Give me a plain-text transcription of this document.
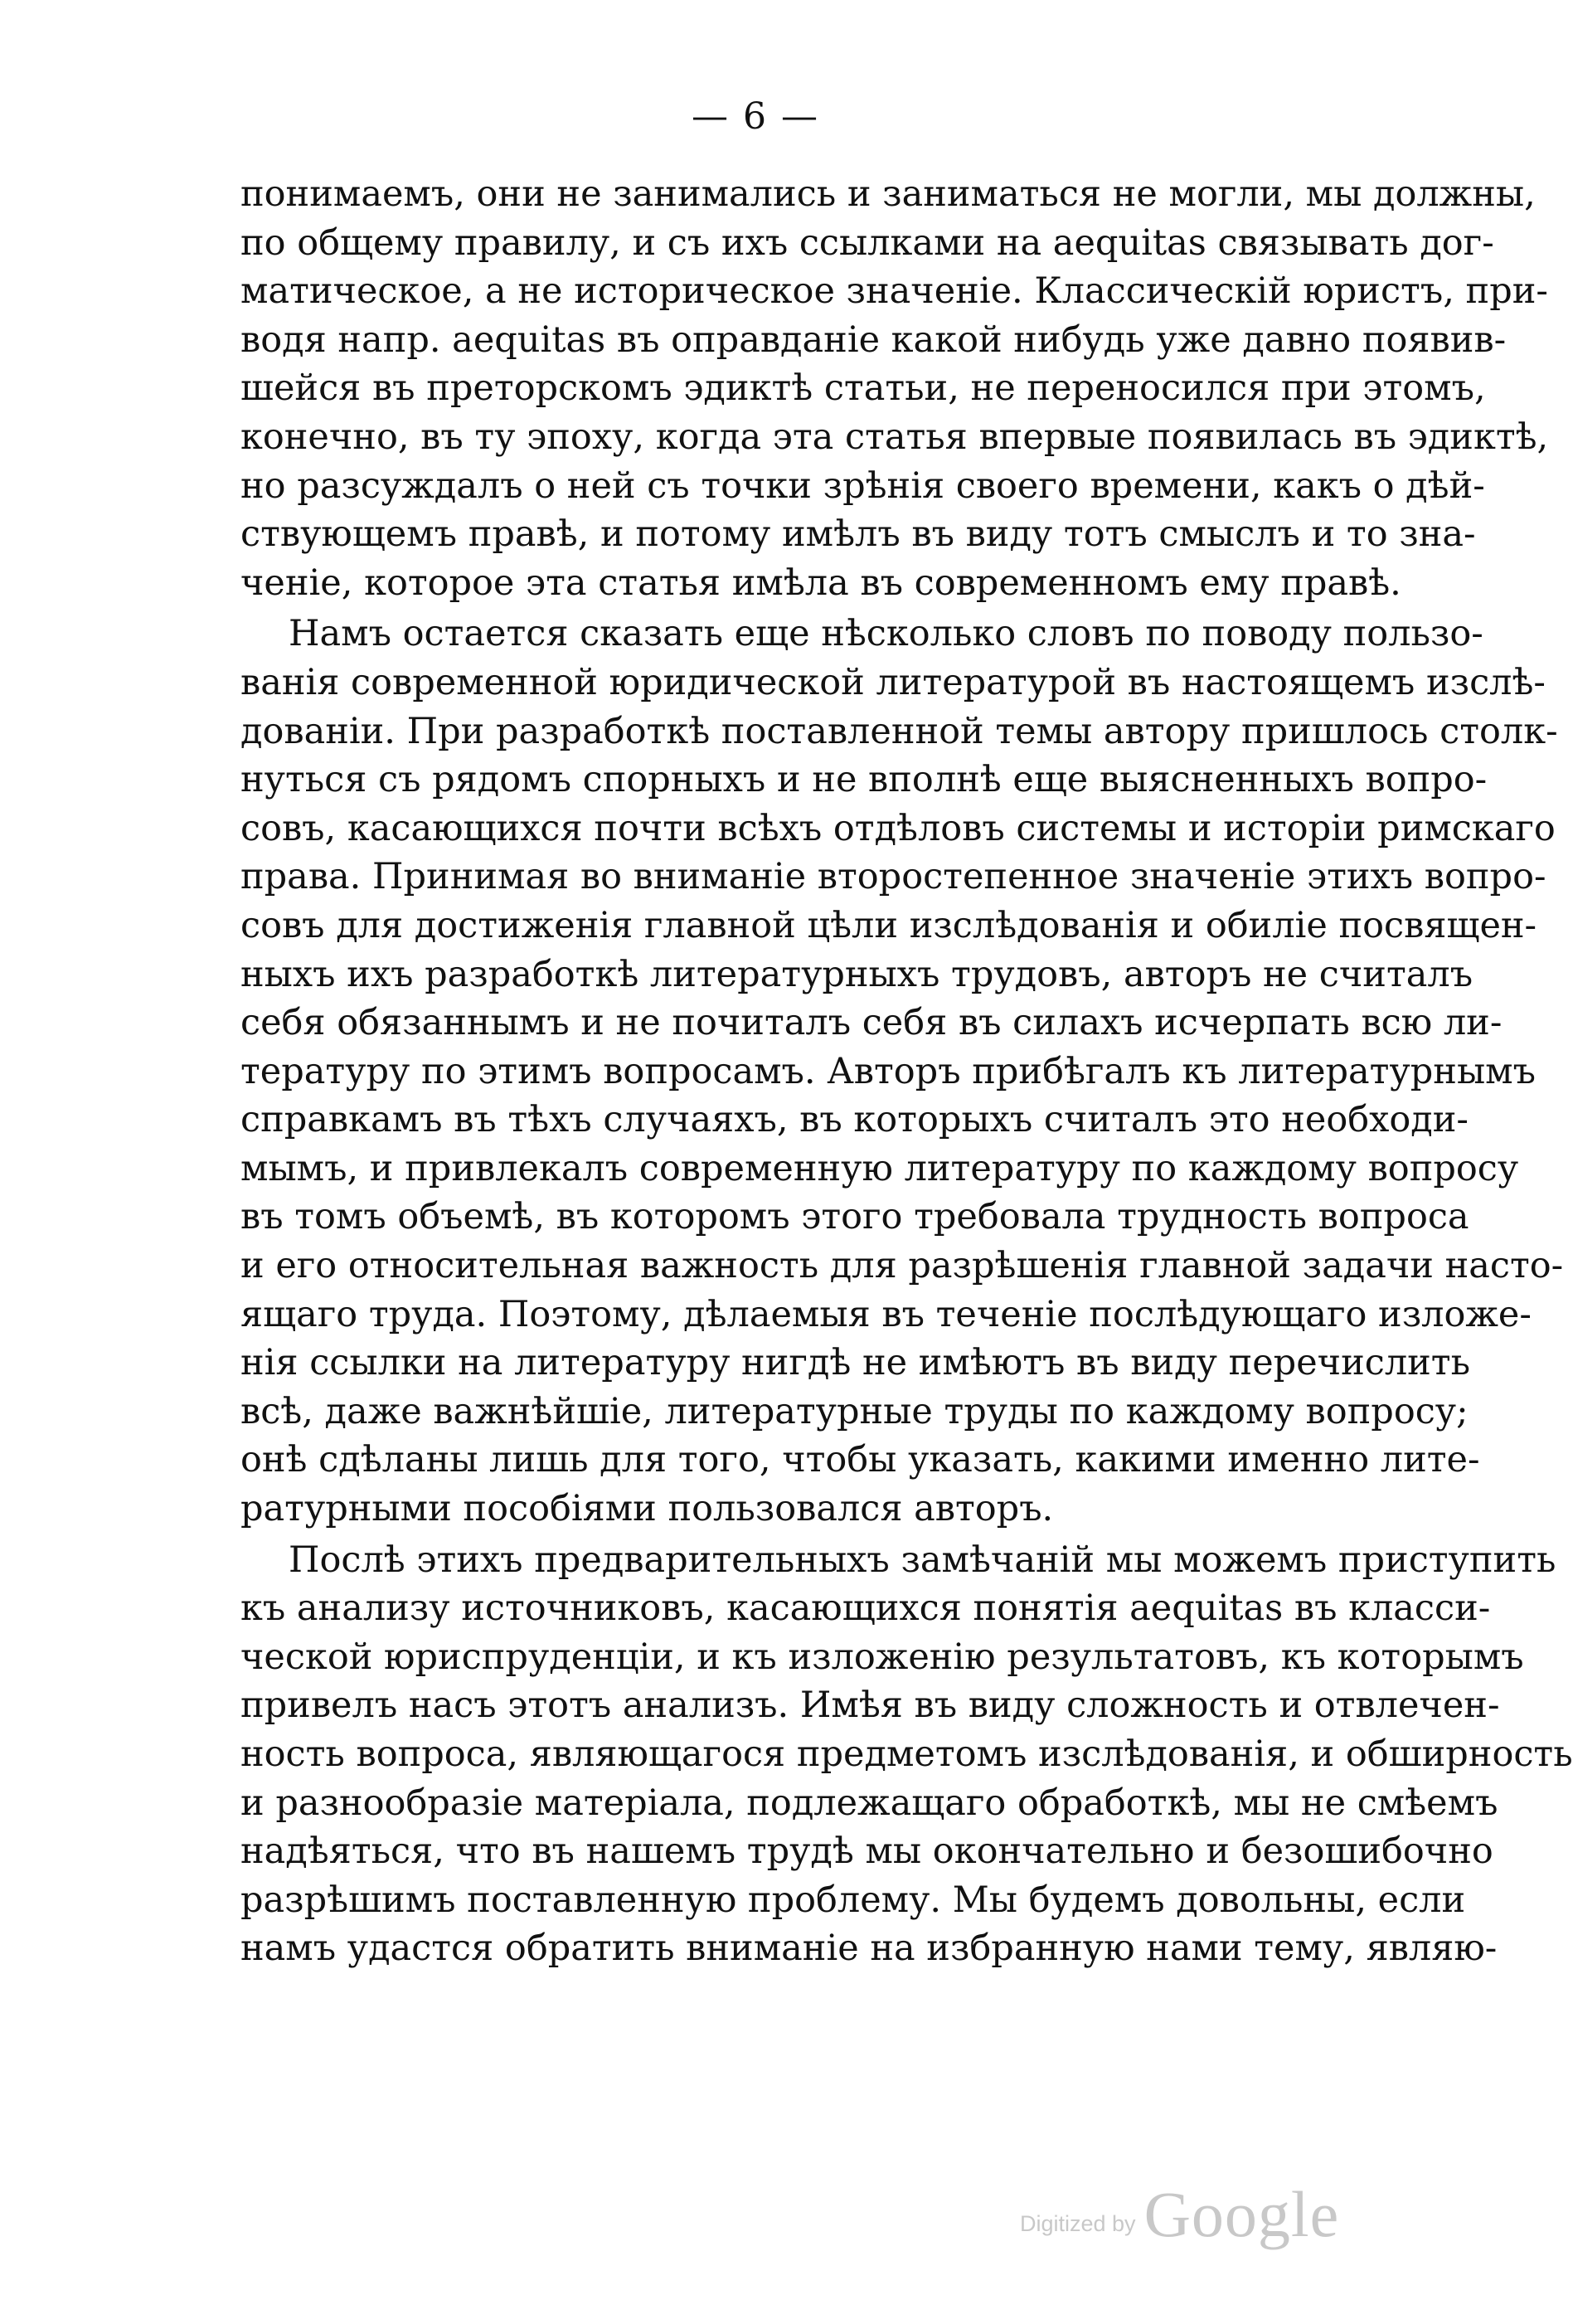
— 6 —
понимаемъ, они не занимались и заниматься не могли, мы должны,
по общему правилу, и съ ихъ ссылками на aequitas связывать дог-
матическое, а не историческое значенiе. Классическiй юристъ, при-
водя напр. aequitas въ оправданiе какой нибудь уже давно появив-
шейся въ преторскомъ эдиктѣ статьи, не переносился при этомъ,
конечно, въ ту эпоху, когда эта статья впервые появилась въ эдиктѣ,
но разсуждалъ о ней съ точки зрѣнiя своего времени, какъ о дѣй-
ствующемъ правѣ, и потому имѣлъ въ виду тотъ смыслъ и то зна-
ченiе, которое эта статья имѣла въ современномъ ему правѣ.
Намъ остается сказать еще нѣсколько словъ по поводу пользо-
ванiя современной юридической литературой въ настоящемъ изслѣ-
дованiи. При разработкѣ поставленной темы автору пришлось столк-
нуться съ рядомъ спорныхъ и не вполнѣ еще выясненныхъ вопро-
совъ, касающихся почти всѣхъ отдѣловъ системы и исторiи римскаго
права. Принимая во вниманiе второстепенное значенiе этихъ вопро-
совъ для достиженiя главной цѣли изслѣдованiя и обилiе посвящен-
ныхъ ихъ разработкѣ литературныхъ трудовъ, авторъ не считалъ
себя обязаннымъ и не почиталъ себя въ силахъ исчерпать всю ли-
тературу по этимъ вопросамъ. Авторъ прибѣгалъ къ литературнымъ
справкамъ въ тѣхъ случаяхъ, въ которыхъ считалъ это необходи-
мымъ, и привлекалъ современную литературу по каждому вопросу
въ томъ объемѣ, въ которомъ этого требовала трудность вопроса
и его относительная важность для разрѣшенiя главной задачи насто-
ящаго труда. Поэтому, дѣлаемыя въ теченiе послѣдующаго изложе-
нiя ссылки на литературу нигдѣ не имѣютъ въ виду перечислить
всѣ, даже важнѣйшiе, литературные труды по каждому вопросу;
онѣ сдѣланы лишь для того, чтобы указать, какими именно лите-
ратурными пособiями пользовался авторъ.
Послѣ этихъ предварительныхъ замѣчанiй мы можемъ приступить
къ анализу источниковъ, касающихся понятiя aequitas въ класси-
ческой юриспруденцiи, и къ изложенiю результатовъ, къ которымъ
привелъ насъ этотъ анализъ. Имѣя въ виду сложность и отвлечен-
ность вопроса, являющагося предметомъ изслѣдованiя, и обширность
и разнообразiе матерiала, подлежащаго обработкѣ, мы не смѣемъ
надѣяться, что въ нашемъ трудѣ мы окончательно и безошибочно
разрѣшимъ поставленную проблему. Мы будемъ довольны, если
намъ удастся обратить вниманiе на избранную нами тему, являю-
Digitized by Google
